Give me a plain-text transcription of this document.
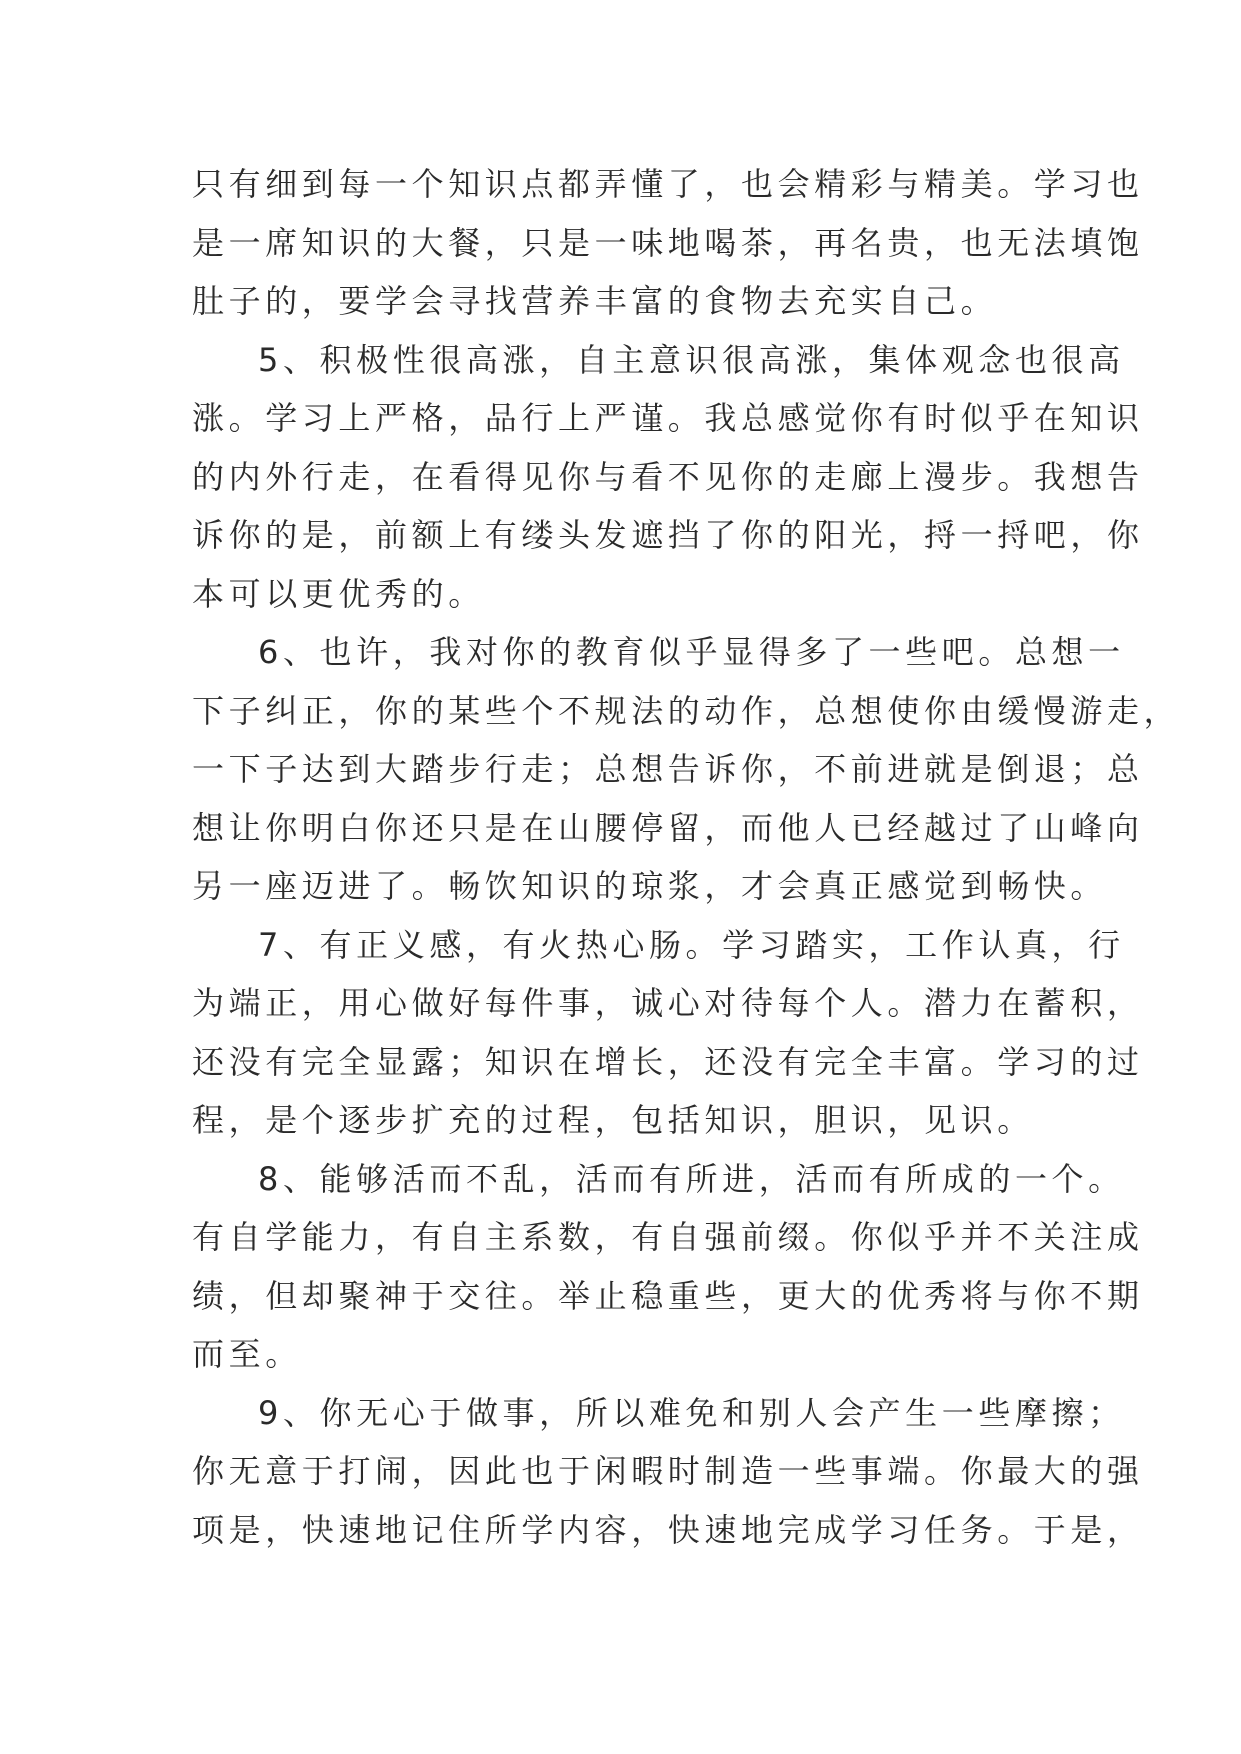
只有细到每一个知识点都弄懂了，也会精彩与精美。学习也
是一席知识的大餐，只是一味地喝茶，再名贵，也无法填饱
肚子的，要学会寻找营养丰富的食物去充实自己。
5、积极性很高涨，自主意识很高涨，集体观念也很高
涨。学习上严格，品行上严谨。我总感觉你有时似乎在知识
的内外行走，在看得见你与看不见你的走廊上漫步。我想告
诉你的是，前额上有缕头发遮挡了你的阳光，捋一捋吧，你
本可以更优秀的。
6、也许，我对你的教育似乎显得多了一些吧。总想一
下子纠正，你的某些个不规法的动作，总想使你由缓慢游走，
一下子达到大踏步行走；总想告诉你，不前进就是倒退；总
想让你明白你还只是在山腰停留，而他人已经越过了山峰向
另一座迈进了。畅饮知识的琼浆，才会真正感觉到畅快。
7、有正义感，有火热心肠。学习踏实，工作认真，行
为端正，用心做好每件事，诚心对待每个人。潜力在蓄积，
还没有完全显露；知识在增长，还没有完全丰富。学习的过
程，是个逐步扩充的过程，包括知识，胆识，见识。
8、能够活而不乱，活而有所进，活而有所成的一个。
有自学能力，有自主系数，有自强前缀。你似乎并不关注成
绩，但却聚神于交往。举止稳重些，更大的优秀将与你不期
而至。
9、你无心于做事，所以难免和别人会产生一些摩擦；
你无意于打闹，因此也于闲暇时制造一些事端。你最大的强
项是，快速地记住所学内容，快速地完成学习任务。于是，
